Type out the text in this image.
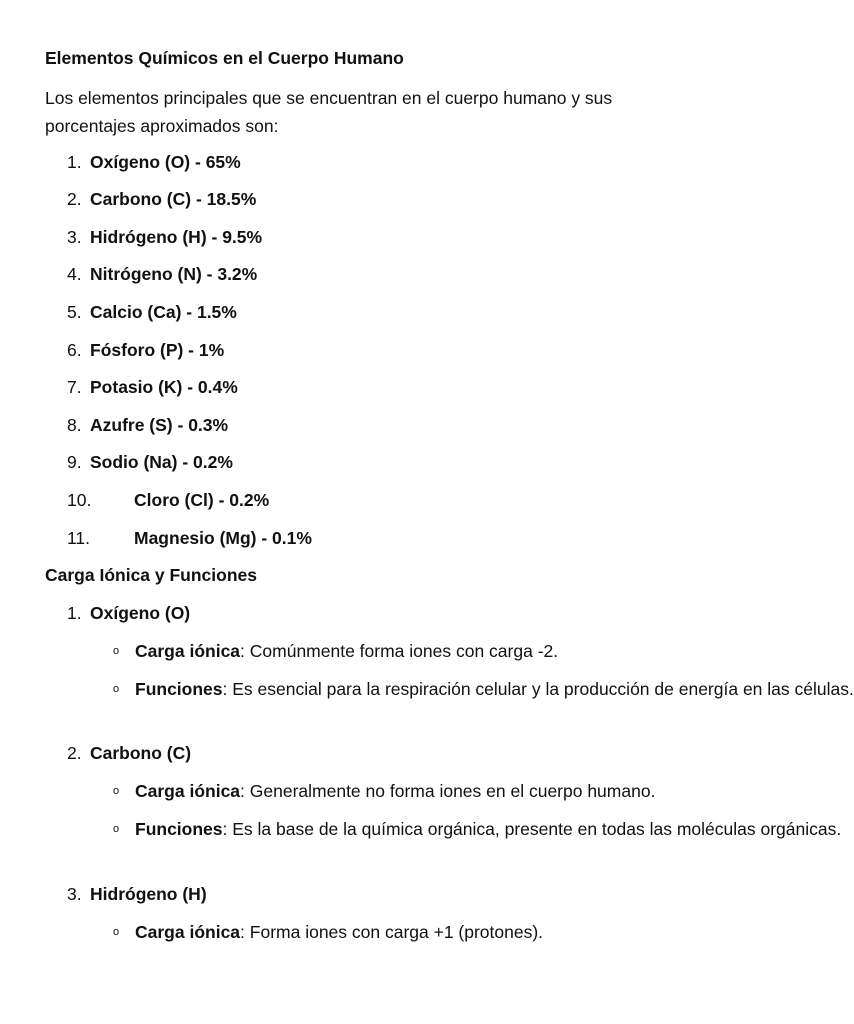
Elementos Químicos en el Cuerpo Humano
Los elementos principales que se encuentran en el cuerpo humano y sus porcentajes aproximados son:
1. Oxígeno (O) - 65%
2. Carbono (C) - 18.5%
3. Hidrógeno (H) - 9.5%
4. Nitrógeno (N) - 3.2%
5. Calcio (Ca) - 1.5%
6. Fósforo (P) - 1%
7. Potasio (K) - 0.4%
8. Azufre (S) - 0.3%
9. Sodio (Na) - 0.2%
10. Cloro (Cl) - 0.2%
11.	Magnesio (Mg) - 0.1%
Carga Iónica y Funciones
1. Oxígeno (O)
o Carga iónica: Comúnmente forma iones con carga -2.
o Funciones: Es esencial para la respiración celular y la producción de energía en las células.
2. Carbono (C)
o Carga iónica: Generalmente no forma iones en el cuerpo humano.
o Funciones: Es la base de la química orgánica, presente en todas las moléculas orgánicas.
3. Hidrógeno (H)
o Carga iónica: Forma iones con carga +1 (protones).
